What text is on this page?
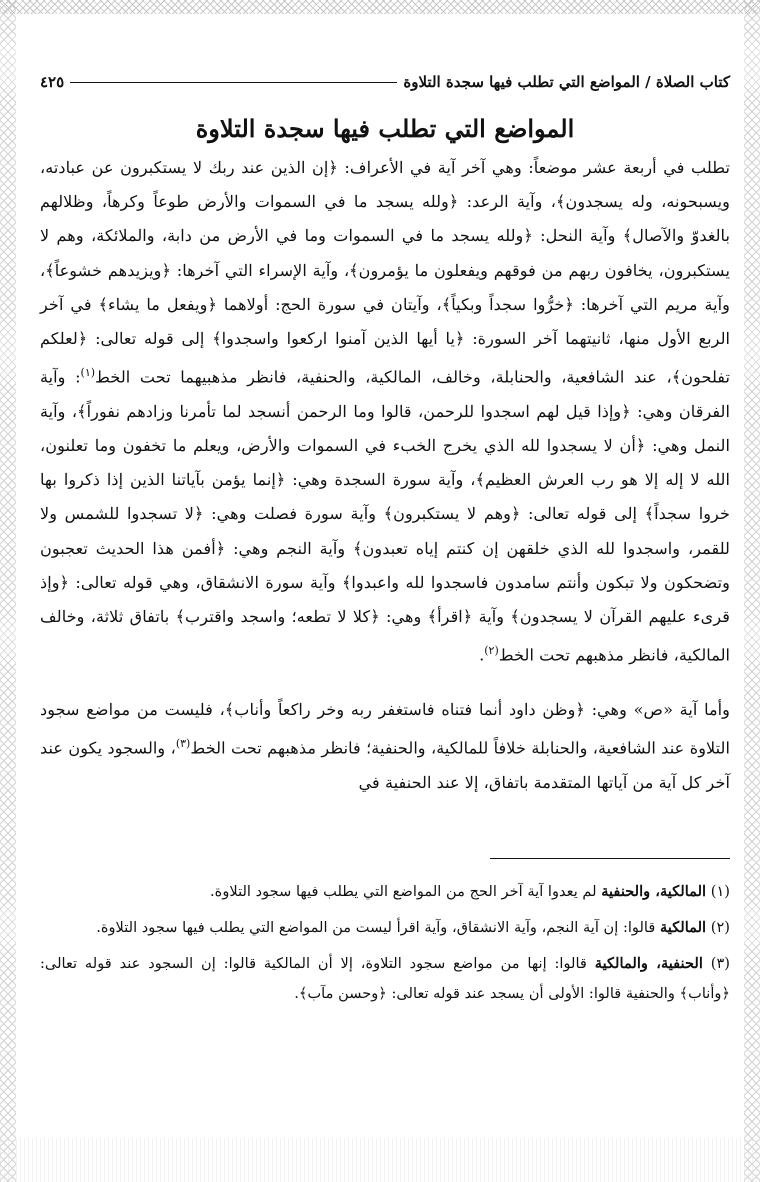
كتاب الصلاة / المواضع التي تطلب فيها سجدة التلاوة
٤٢٥
المواضع التي تطلب فيها سجدة التلاوة

تطلب في أربعة عشر موضعاً: وهي آخر آية في الأعراف: ﴿إن الذين عند ربك لا يستكبرون عن عبادته، ويسبحونه، وله يسجدون﴾، وآية الرعد: ﴿ولله يسجد ما في السموات والأرض طوعاً وكرهاً، وظلالهم بالغدوّ والآصال﴾ وآية النحل: ﴿ولله يسجد ما في السموات وما في الأرض من دابة، والملائكة، وهم لا يستكبرون، يخافون ربهم من فوقهم ويفعلون ما يؤمرون﴾، وآية الإسراء التي آخرها: ﴿ويزيدهم خشوعاً﴾، وآية مريم التي آخرها: ﴿خرُّوا سجداً وبكياً﴾، وآيتان في سورة الحج: أولاهما ﴿ويفعل ما يشاء﴾ في آخر الربع الأول منها، ثانيتهما آخر السورة: ﴿يا أيها الذين آمنوا اركعوا واسجدوا﴾ إلى قوله تعالى: ﴿لعلكم تفلحون﴾، عند الشافعية، والحنابلة، وخالف، المالكية، والحنفية، فانظر مذهبيهما تحت الخط$^{(١)}$: وآية الفرقان وهي: ﴿وإذا قيل لهم اسجدوا للرحمن، قالوا وما الرحمن أنسجد لما تأمرنا وزادهم نفوراً﴾، وآية النمل وهي: ﴿أن لا يسجدوا لله الذي يخرج الخبء في السموات والأرض، ويعلم ما تخفون وما تعلنون، الله لا إله إلا هو رب العرش العظيم﴾، وآية سورة السجدة وهي: ﴿إنما يؤمن بآياتنا الذين إذا ذكروا بها خروا سجداً﴾ إلى قوله تعالى: ﴿وهم لا يستكبرون﴾ وآية سورة فصلت وهي: ﴿لا تسجدوا للشمس ولا للقمر، واسجدوا لله الذي خلقهن إن كنتم إياه تعبدون﴾ وآية النجم وهي: ﴿أفمن هذا الحديث تعجبون وتضحكون ولا تبكون وأنتم سامدون فاسجدوا لله واعبدوا﴾ وآية سورة الانشقاق، وهي قوله تعالى: ﴿وإذ قرىء عليهم القرآن لا يسجدون﴾ وآية ﴿اقرأ﴾ وهي: ﴿كلا لا تطعه؛ واسجد واقترب﴾ باتفاق ثلاثة، وخالف المالكية، فانظر مذهبهم تحت الخط$^{(٢)}$.

وأما آية «ص» وهي: ﴿وظن داود أنما فتناه فاستغفر ربه وخر راكعاً وأناب﴾، فليست من مواضع سجود التلاوة عند الشافعية، والحنابلة خلافاً للمالكية، والحنفية؛ فانظر مذهبهم تحت الخط$^{(٣)}$، والسجود يكون عند آخر كل آية من آياتها المتقدمة باتفاق، إلا عند الحنفية في

(١) المالكية، والحنفية لم يعدوا آية آخر الحج من المواضع التي يطلب فيها سجود التلاوة.

(٢) المالكية قالوا: إن آية النجم، وآية الانشقاق، وآية اقرأ ليست من المواضع التي يطلب فيها سجود التلاوة.

(٣) الحنفية، والمالكية قالوا: إنها من مواضع سجود التلاوة، إلا أن المالكية قالوا: إن السجود عند قوله تعالى: ﴿وأناب﴾ والحنفية قالوا: الأولى أن يسجد عند قوله تعالى: ﴿وحسن مآب﴾.
